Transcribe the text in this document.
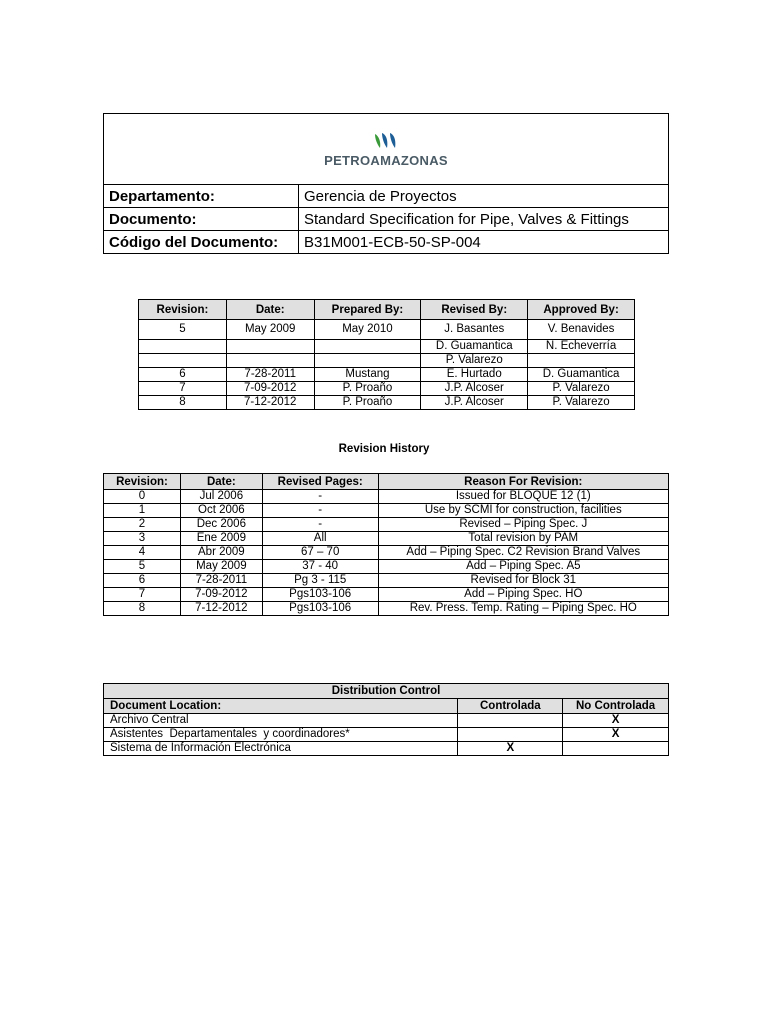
PETROAMAZONAS	
Departamento:	Gerencia de Proyectos
Documento:	Standard Specification for Pipe, Valves & Fittings
Código del Documento:	B31M001-ECB-50-SP-004
Revision:	Date:	Prepared By:	Revised By:	Approved By:
5	May 2009	May 2010	J. Basantes	V. Benavides
			D. Guamantica	N. Echeverría
			P. Valarezo	
6	7-28-2011	Mustang	E. Hurtado	D. Guamantica
7	7-09-2012	P. Proaño	J.P. Alcoser	P. Valarezo
8	7-12-2012	P. Proaño	J.P. Alcoser	P. Valarezo
Revision History
Revision:	Date:	Revised Pages:	Reason For Revision:
0	Jul 2006	-	Issued for BLOQUE 12 (1)
1	Oct 2006	-	Use by SCMI for construction, facilities
2	Dec 2006	-	Revised – Piping Spec. J
3	Ene 2009	All	Total revision by PAM
4	Abr 2009	67 – 70	Add – Piping Spec. C2 Revision Brand Valves
5	May 2009	37 - 40	Add – Piping Spec. A5
6	7-28-2011	Pg 3 - 115	Revised for Block 31
7	7-09-2012	Pgs103-106	Add – Piping Spec. HO
8	7-12-2012	Pgs103-106	Rev. Press. Temp. Rating – Piping Spec. HO
Distribution Control		
Document Location:	Controlada	No Controlada
Archivo Central		X
Asistentes  Departamentales  y coordinadores*		X
Sistema de Información Electrónica	X	
